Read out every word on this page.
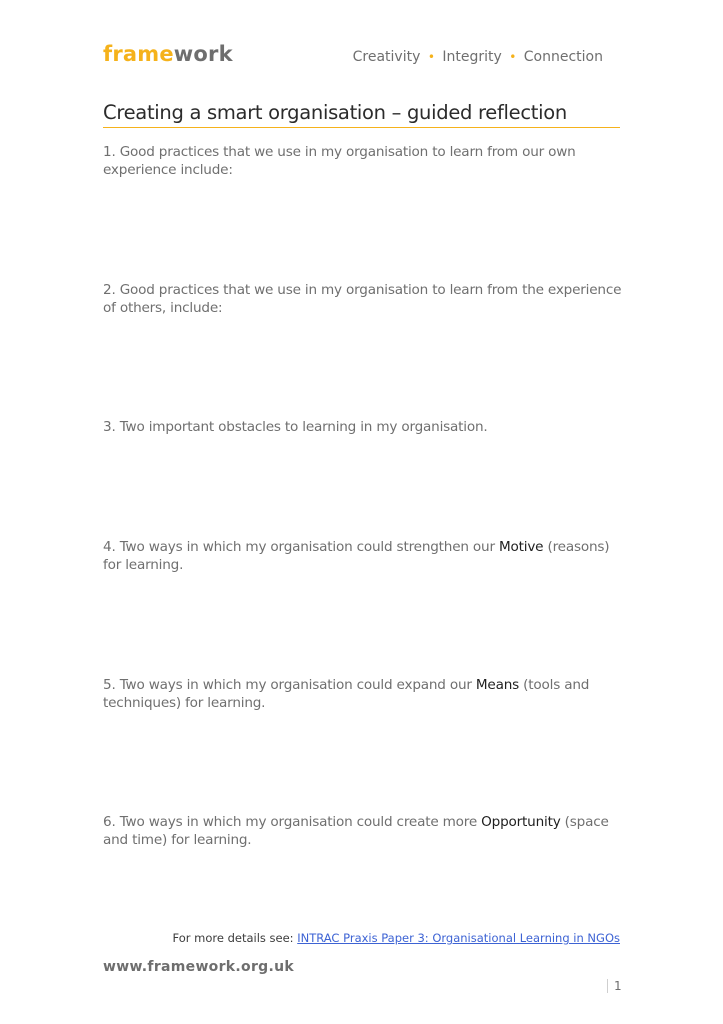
framework	Creativity • Integrity • Connection
Creating a smart organisation – guided reflection
1. Good practices that we use in my organisation to learn from our own experience include:
2. Good practices that we use in my organisation to learn from the experience of others, include:
3. Two important obstacles to learning in my organisation.
4. Two ways in which my organisation could strengthen our Motive (reasons) for learning.
5. Two ways in which my organisation could expand our Means (tools and techniques) for learning.
6. Two ways in which my organisation could create more Opportunity (space and time) for learning.
For more details see: INTRAC Praxis Paper 3: Organisational Learning in NGOs
www.framework.org.uk
1
